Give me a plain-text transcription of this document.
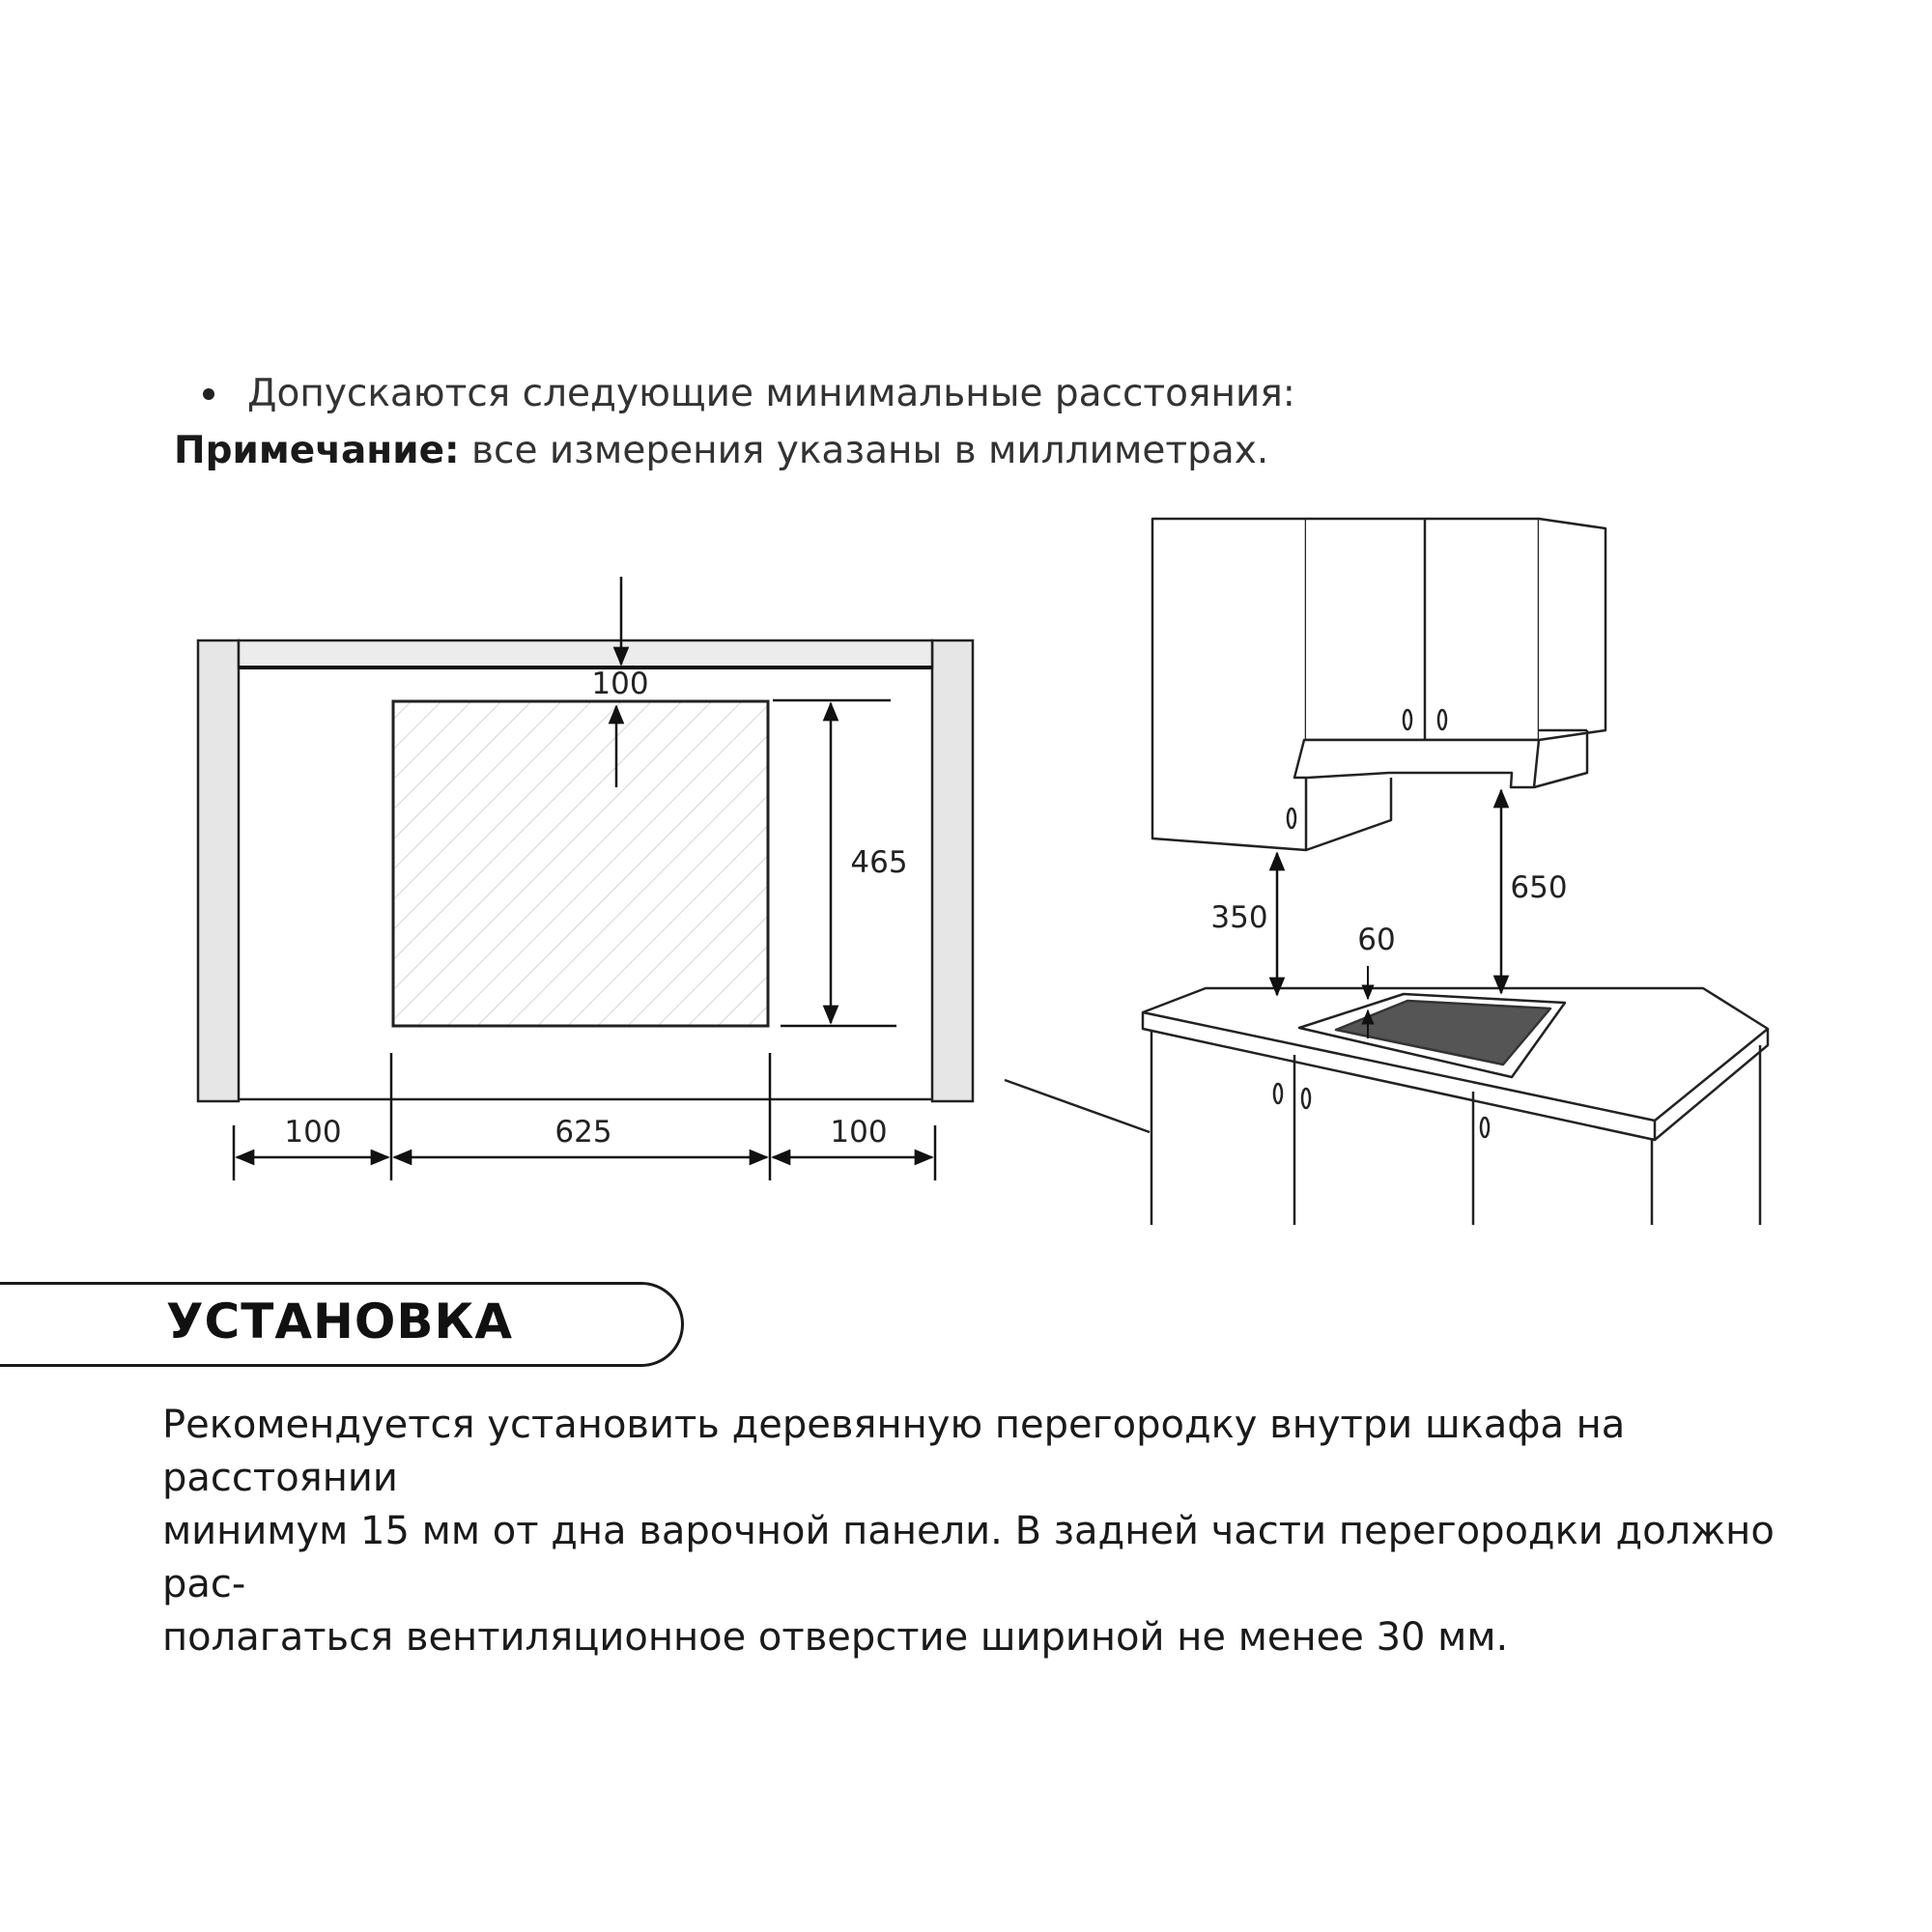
Допускаются следующие минимальные расстояния:
Примечание: все измерения указаны в миллиметрах.
100
465
100	625	100
350
650
60
УСТАНОВКА
Рекомендуется установить деревянную перегородку внутри шкафа на расстоянии
минимум 15 мм от дна варочной панели. В задней части перегородки должно рас-
полагаться вентиляционное отверстие шириной не менее 30 мм.
